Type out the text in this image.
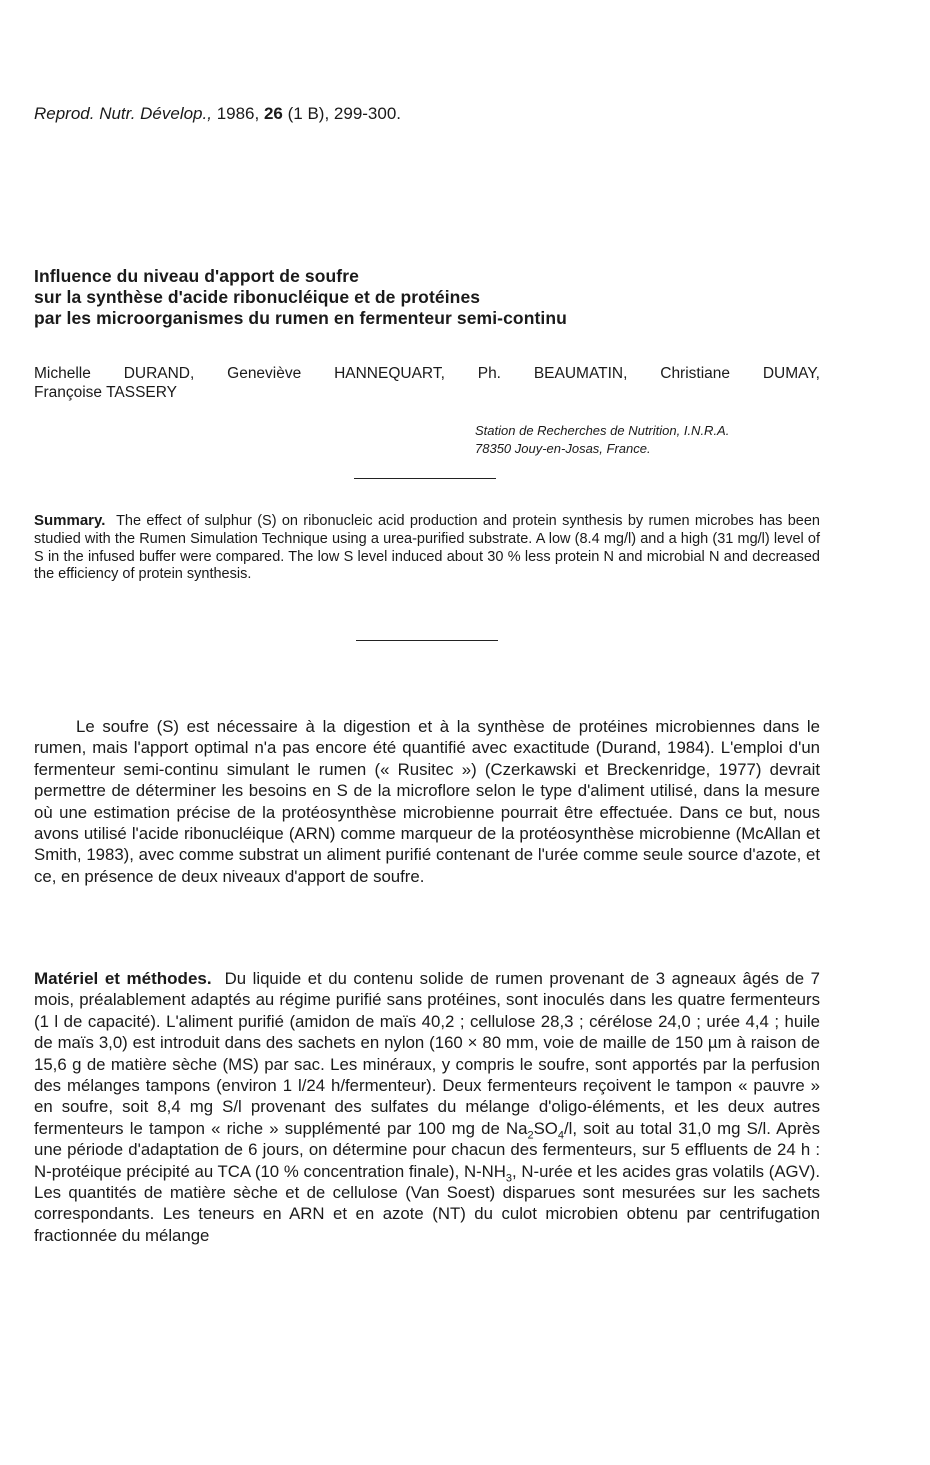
Reprod. Nutr. Dévelop., 1986, 26 (1 B), 299-300.
Influence du niveau d'apport de soufre
sur la synthèse d'acide ribonucléique et de protéines
par les microorganismes du rumen en fermenteur semi-continu
Michelle DURAND, Geneviève HANNEQUART, Ph. BEAUMATIN, Christiane DUMAY,
Françoise TASSERY
Station de Recherches de Nutrition, I.N.R.A.
78350 Jouy-en-Josas, France.
Summary. The effect of sulphur (S) on ribonucleic acid production and protein synthesis by rumen microbes has been studied with the Rumen Simulation Technique using a urea-purified substrate. A low (8.4 mg/l) and a high (31 mg/l) level of S in the infused buffer were compared. The low S level induced about 30 % less protein N and microbial N and decreased the efficiency of protein synthesis.

Le soufre (S) est nécessaire à la digestion et à la synthèse de protéines microbiennes dans le rumen, mais l'apport optimal n'a pas encore été quantifié avec exactitude (Durand, 1984). L'emploi d'un fermenteur semi-continu simulant le rumen (« Rusitec ») (Czerkawski et Breckenridge, 1977) devrait permettre de déterminer les besoins en S de la microflore selon le type d'aliment utilisé, dans la mesure où une estimation précise de la protéosynthèse microbienne pourrait être effectuée. Dans ce but, nous avons utilisé l'acide ribonucléique (ARN) comme marqueur de la protéosynthèse microbienne (McAllan et Smith, 1983), avec comme substrat un aliment purifié contenant de l'urée comme seule source d'azote, et ce, en présence de deux niveaux d'apport de soufre.

Matériel et méthodes. Du liquide et du contenu solide de rumen provenant de 3 agneaux âgés de 7 mois, préalablement adaptés au régime purifié sans protéines, sont inoculés dans les quatre fermenteurs (1 l de capacité). L'aliment purifié (amidon de maïs 40,2 ; cellulose 28,3 ; cérélose 24,0 ; urée 4,4 ; huile de maïs 3,0) est introduit dans des sachets en nylon (160 × 80 mm, voie de maille de 150 µm à raison de 15,6 g de matière sèche (MS) par sac. Les minéraux, y compris le soufre, sont apportés par la perfusion des mélanges tampons (environ 1 l/24 h/fermenteur). Deux fermenteurs reçoivent le tampon « pauvre » en soufre, soit 8,4 mg S/l provenant des sulfates du mélange d'oligo-éléments, et les deux autres fermenteurs le tampon « riche » supplémenté par 100 mg de $Na_2SO_4/l$, soit au total 31,0 mg S/l. Après une période d'adaptation de 6 jours, on détermine pour chacun des fermenteurs, sur 5 effluents de 24 h : N-protéique précipité au TCA (10 % concentration finale), $N-NH_3$, N-urée et les acides gras volatils (AGV). Les quantités de matière sèche et de cellulose (Van Soest) disparues sont mesurées sur les sachets correspondants. Les teneurs en ARN et en azote (NT) du culot microbien obtenu par centrifugation fractionnée du mélange
